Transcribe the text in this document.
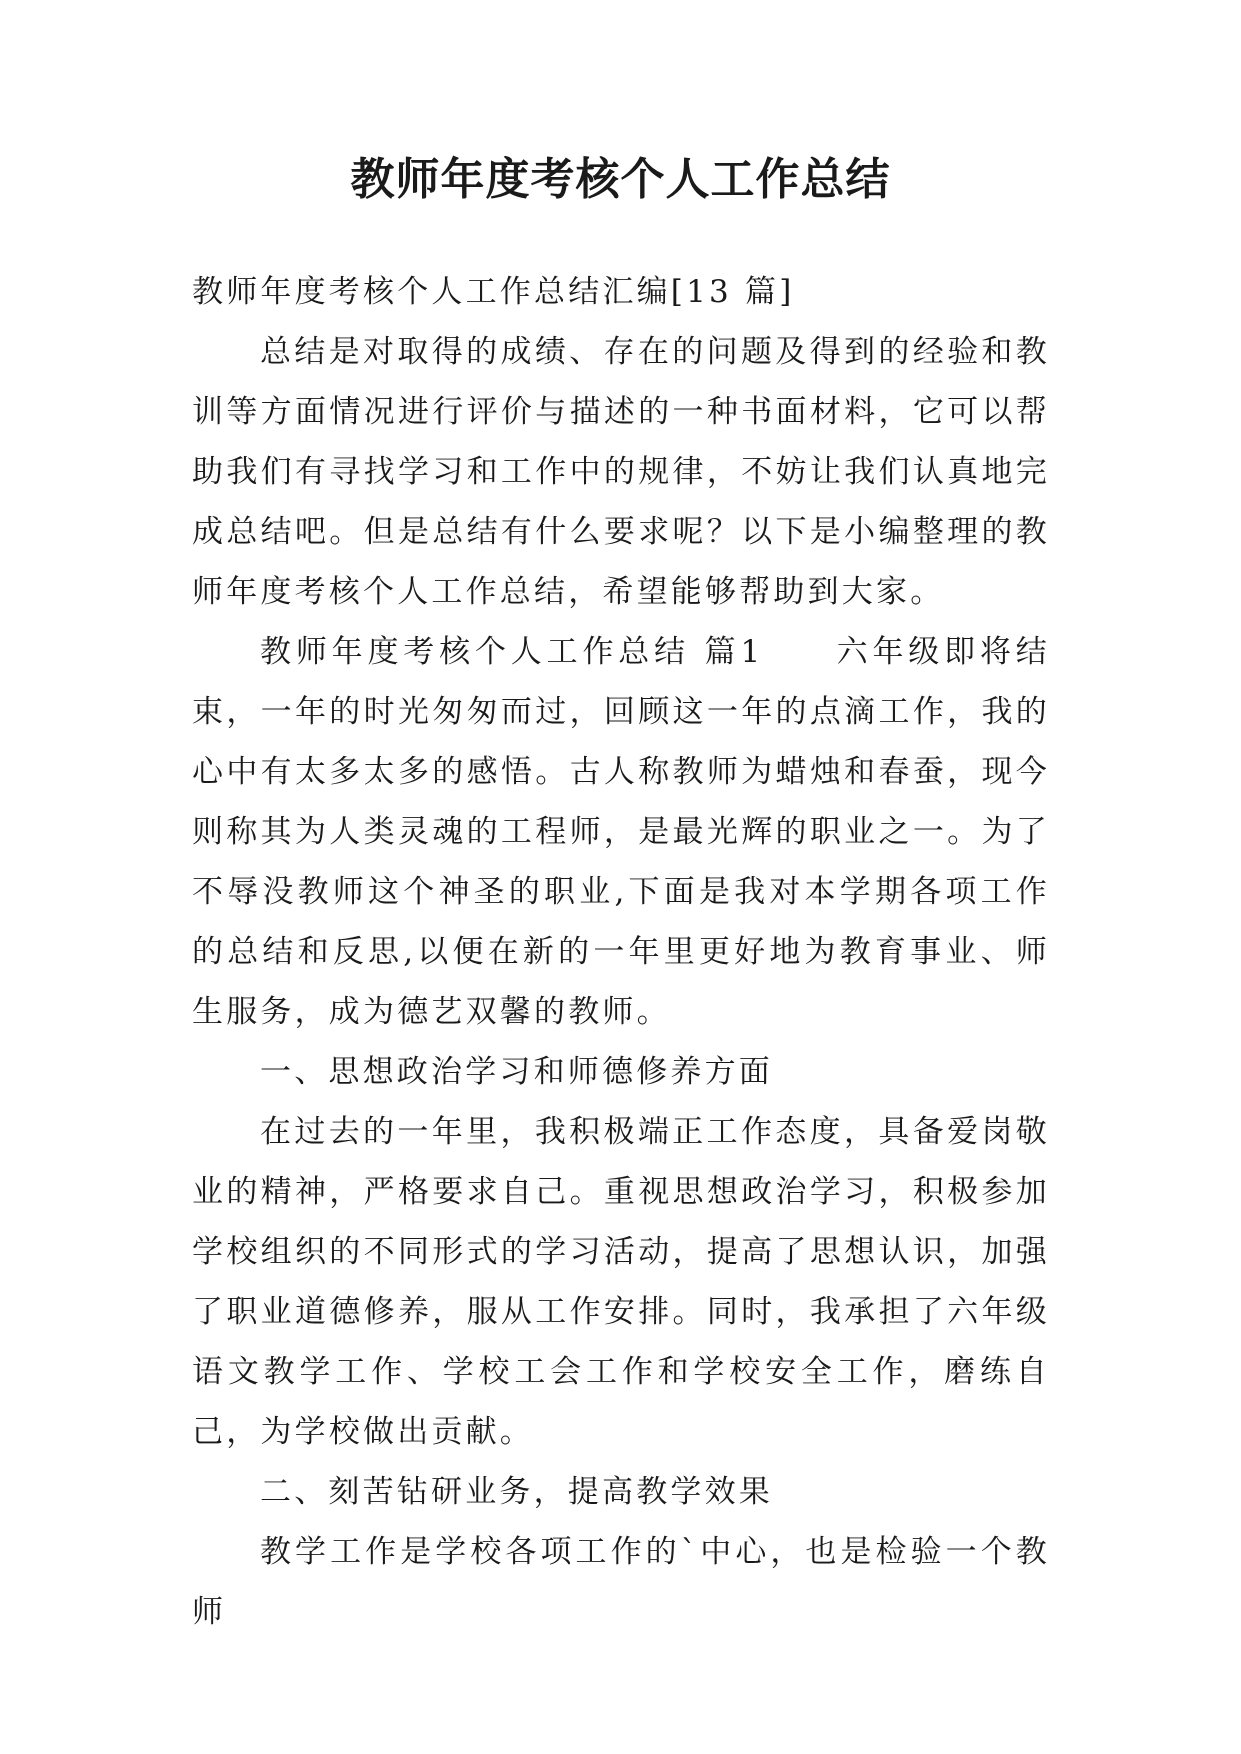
教师年度考核个人工作总结

教师年度考核个人工作总结汇编[13 篇]

总结是对取得的成绩、存在的问题及得到的经验和教训等方面情况进行评价与描述的一种书面材料，它可以帮助我们有寻找学习和工作中的规律，不妨让我们认真地完成总结吧。但是总结有什么要求呢？以下是小编整理的教师年度考核个人工作总结，希望能够帮助到大家。

教师年度考核个人工作总结 篇1　　六年级即将结束，一年的时光匆匆而过，回顾这一年的点滴工作，我的心中有太多太多的感悟。古人称教师为蜡烛和春蚕，现今则称其为人类灵魂的工程师，是最光辉的职业之一。为了不辱没教师这个神圣的职业,下面是我对本学期各项工作的总结和反思,以便在新的一年里更好地为教育事业、师生服务，成为德艺双馨的教师。

一、思想政治学习和师德修养方面

在过去的一年里，我积极端正工作态度，具备爱岗敬业的精神，严格要求自己。重视思想政治学习，积极参加学校组织的不同形式的学习活动，提高了思想认识，加强了职业道德修养，服从工作安排。同时，我承担了六年级语文教学工作、学校工会工作和学校安全工作，磨练自己，为学校做出贡献。

二、刻苦钻研业务，提高教学效果

教学工作是学校各项工作的`中心，也是检验一个教师
